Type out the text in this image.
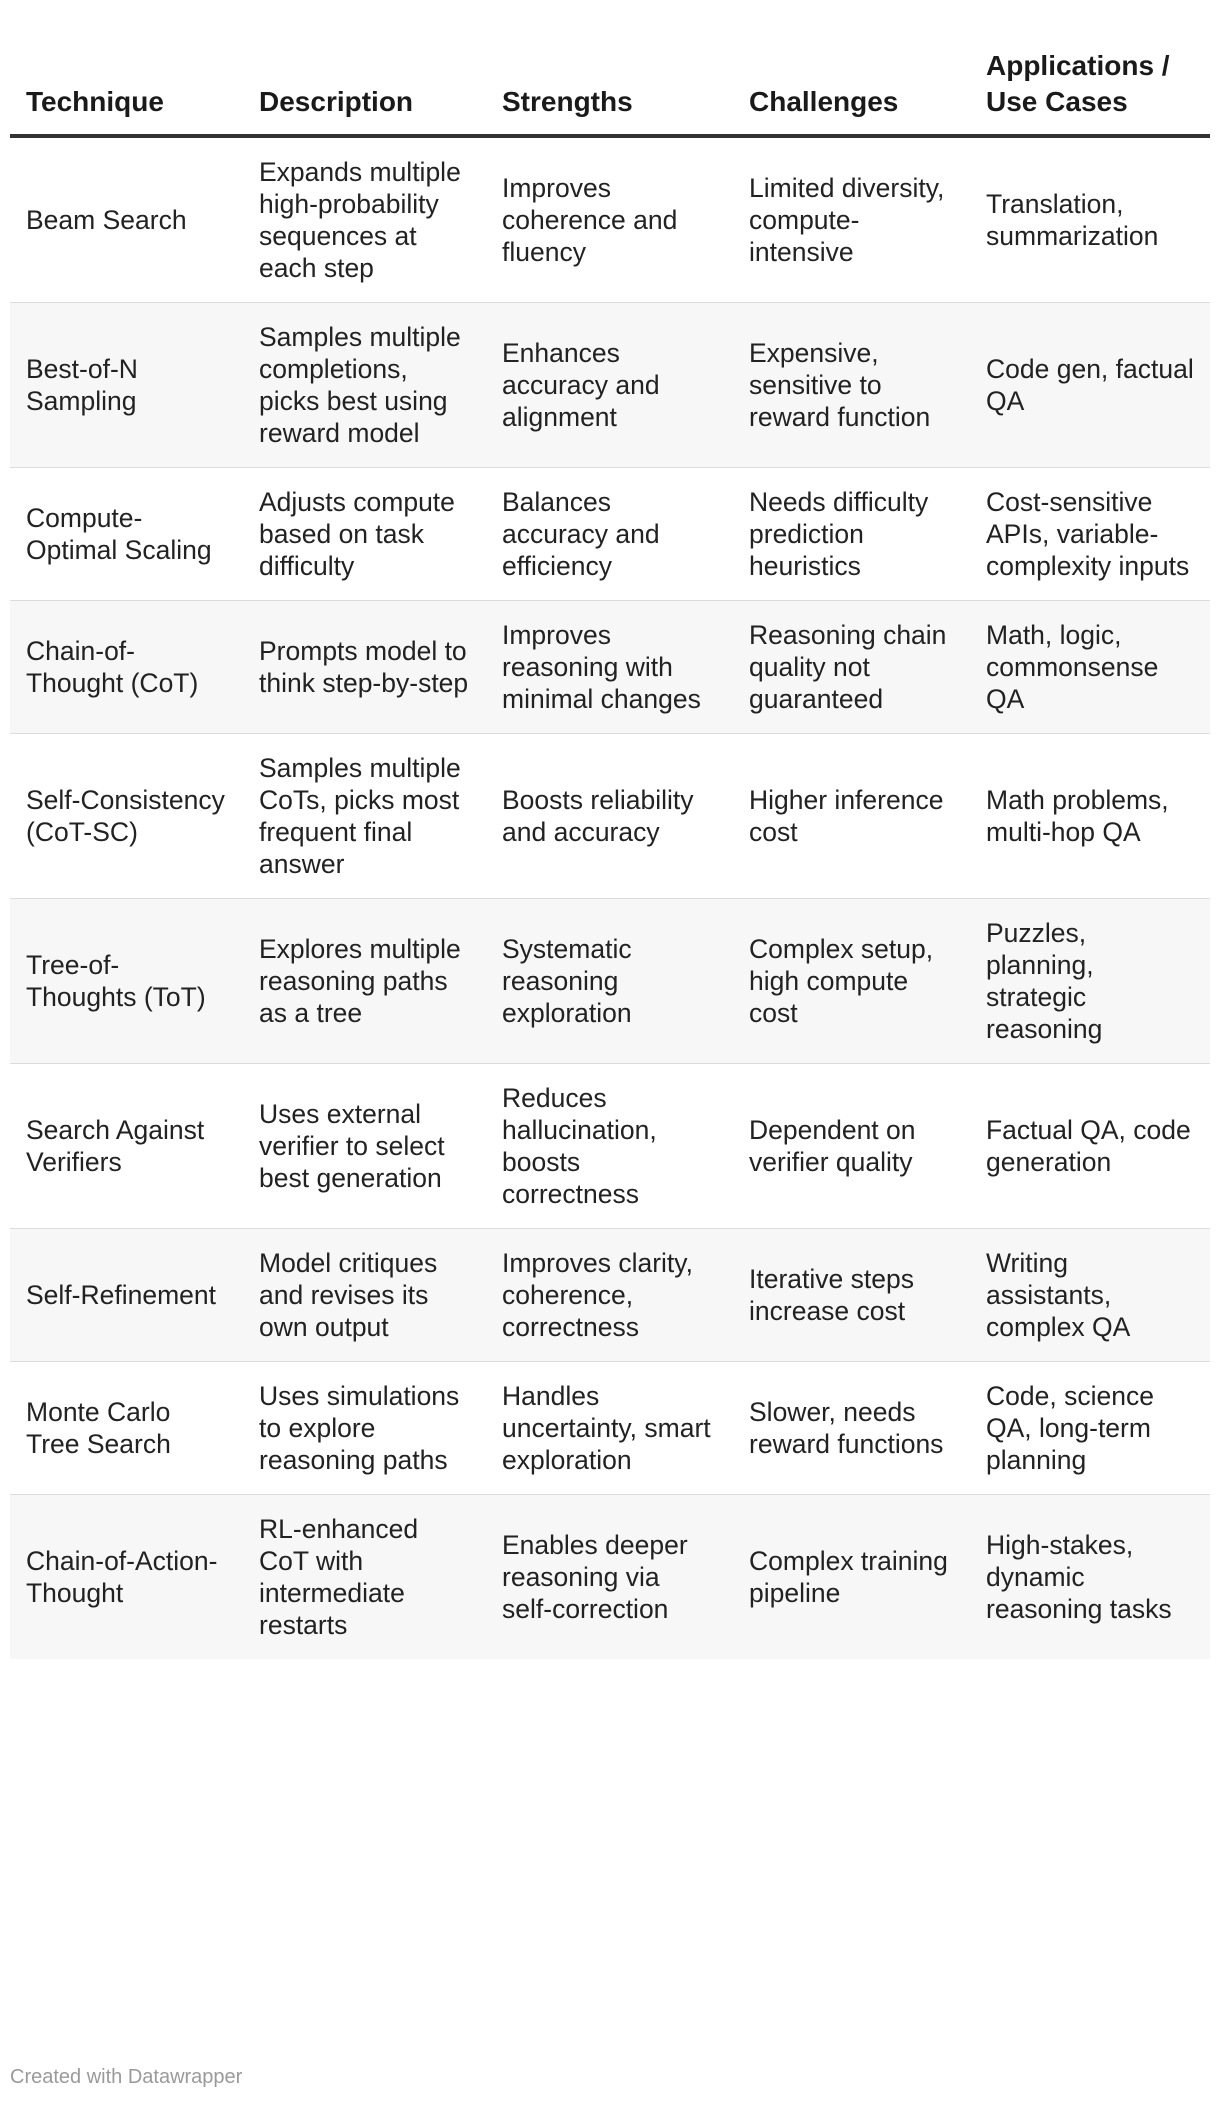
Technique	Description	Strengths	Challenges	Applications / Use Cases
Beam Search	Expands multiple high-probability sequences at each step	Improves coherence and fluency	Limited diversity, compute-intensive	Translation, summarization
Best-of-N Sampling	Samples multiple completions, picks best using reward model	Enhances accuracy and alignment	Expensive, sensitive to reward function	Code gen, factual QA
Compute-Optimal Scaling	Adjusts compute based on task difficulty	Balances accuracy and efficiency	Needs difficulty prediction heuristics	Cost-sensitive APIs, variable-complexity inputs
Chain-of-Thought (CoT)	Prompts model to think step-by-step	Improves reasoning with minimal changes	Reasoning chain quality not guaranteed	Math, logic, commonsense QA
Self-Consistency (CoT-SC)	Samples multiple CoTs, picks most frequent final answer	Boosts reliability and accuracy	Higher inference cost	Math problems, multi-hop QA
Tree-of-Thoughts (ToT)	Explores multiple reasoning paths as a tree	Systematic reasoning exploration	Complex setup, high compute cost	Puzzles, planning, strategic reasoning
Search Against Verifiers	Uses external verifier to select best generation	Reduces hallucination, boosts correctness	Dependent on verifier quality	Factual QA, code generation
Self-Refinement	Model critiques and revises its own output	Improves clarity, coherence, correctness	Iterative steps increase cost	Writing assistants, complex QA
Monte Carlo Tree Search	Uses simulations to explore reasoning paths	Handles uncertainty, smart exploration	Slower, needs reward functions	Code, science QA, long-term planning
Chain-of-Action-Thought	RL-enhanced CoT with intermediate restarts	Enables deeper reasoning via self-correction	Complex training pipeline	High-stakes, dynamic reasoning tasks
Created with Datawrapper
